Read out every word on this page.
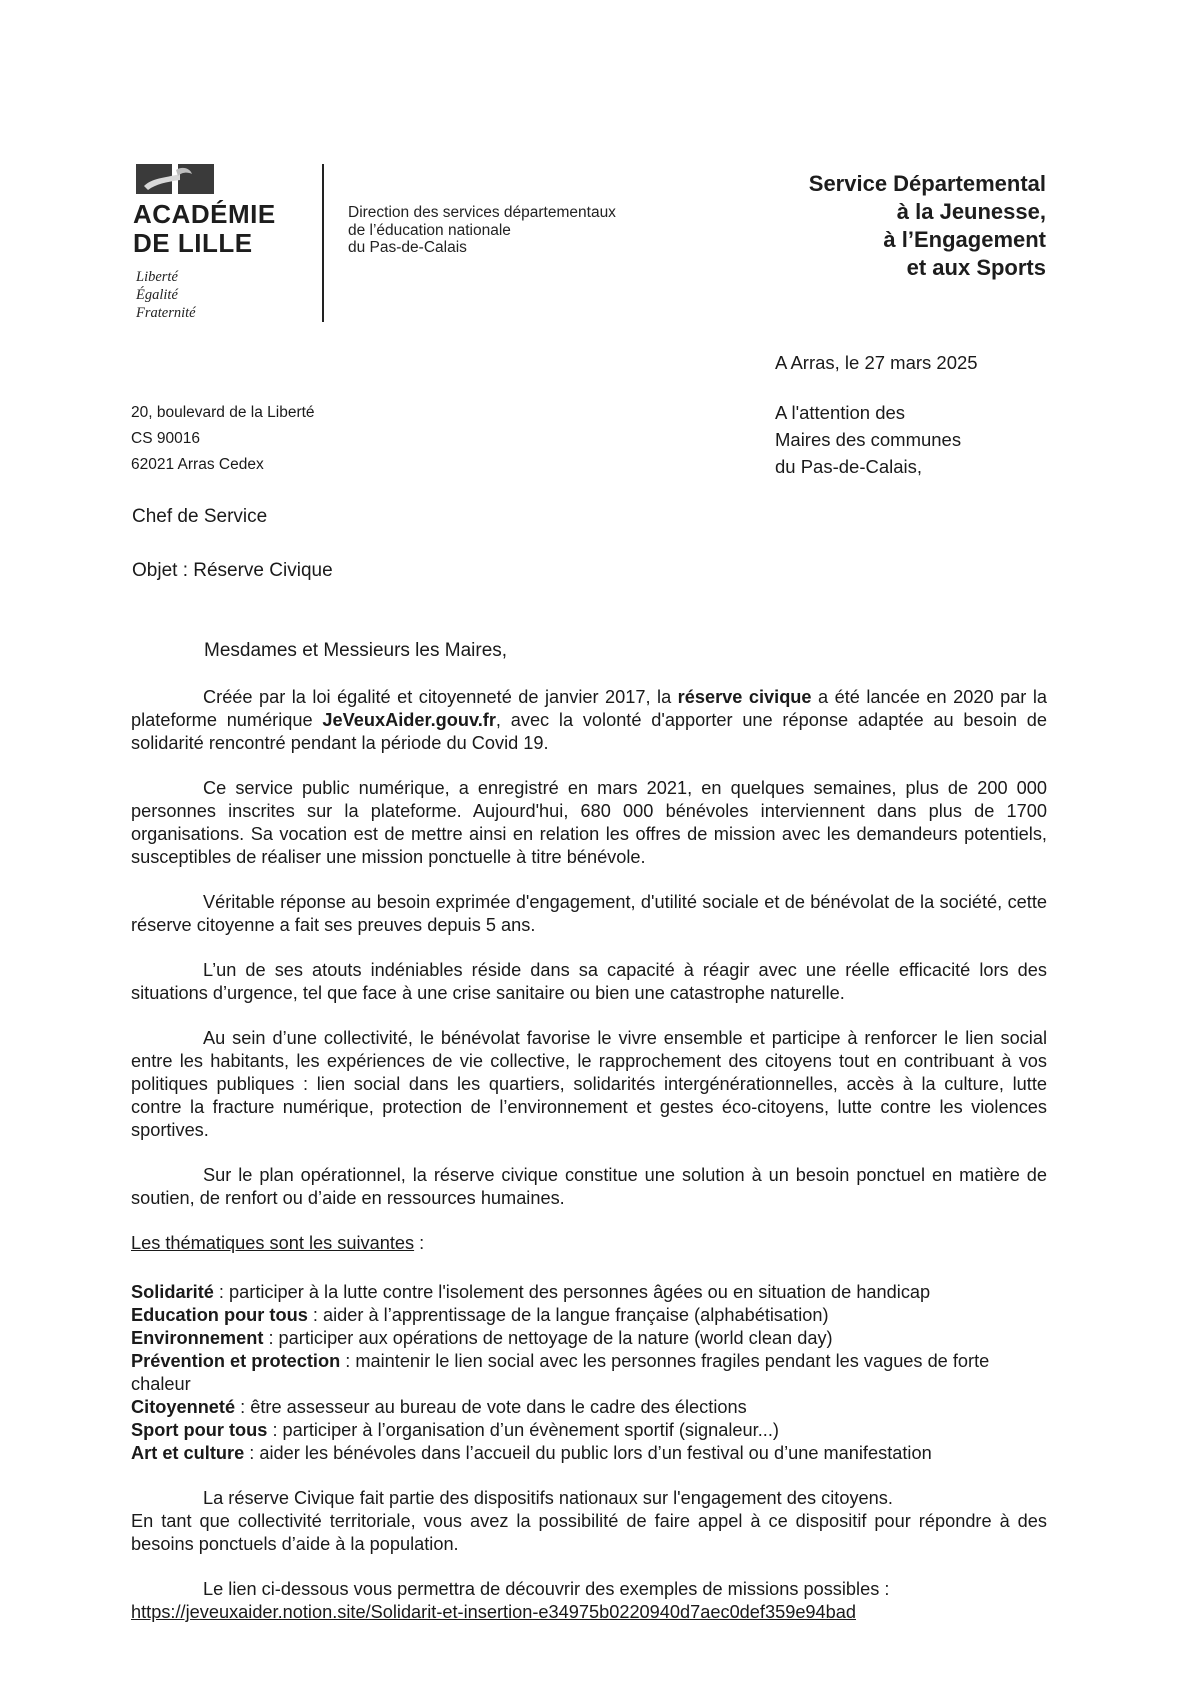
ACADÉMIE
DE LILLE
Liberté
Égalité
Fraternité
Direction des services départementaux
de l’éducation nationale
du Pas-de-Calais
Service Départemental
à la Jeunesse,
à l’Engagement
et aux Sports
A Arras, le 27 mars 2025
20, boulevard de la Liberté
CS 90016
62021 Arras Cedex
A l'attention des
Maires des communes
du Pas-de-Calais,
Chef de Service
Objet : Réserve Civique
Mesdames et Messieurs les Maires,

Créée par la loi égalité et citoyenneté de janvier 2017, la réserve civique a été lancée en 2020 par la plateforme numérique JeVeuxAider.gouv.fr, avec la volonté d'apporter une réponse adaptée au besoin de solidarité rencontré pendant la période du Covid 19.

Ce service public numérique, a enregistré en mars 2021, en quelques semaines, plus de 200 000 personnes inscrites sur la plateforme. Aujourd'hui, 680 000 bénévoles interviennent dans plus de 1700 organisations. Sa vocation est de mettre ainsi en relation les offres de mission avec les demandeurs potentiels, susceptibles de réaliser une mission ponctuelle à titre bénévole.

Véritable réponse au besoin exprimée d'engagement, d'utilité sociale et de bénévolat de la société, cette réserve citoyenne a fait ses preuves depuis 5 ans.

L’un de ses atouts indéniables réside dans sa capacité à réagir avec une réelle efficacité lors des situations d’urgence, tel que face à une crise sanitaire ou bien une catastrophe naturelle.

Au sein d’une collectivité, le bénévolat favorise le vivre ensemble et participe à renforcer le lien social entre les habitants, les expériences de vie collective, le rapprochement des citoyens tout en contribuant à vos politiques publiques : lien social dans les quartiers, solidarités intergénérationnelles, accès à la culture, lutte contre la fracture numérique, protection de l’environnement et gestes éco-citoyens, lutte contre les violences sportives.

Sur le plan opérationnel, la réserve civique constitue une solution à un besoin ponctuel en matière de soutien, de renfort ou d’aide en ressources humaines.

Les thématiques sont les suivantes :

Solidarité : participer à la lutte contre l'isolement des personnes âgées ou en situation de handicap
Education pour tous : aider à l’apprentissage de la langue française (alphabétisation)
Environnement : participer aux opérations de nettoyage de la nature (world clean day)
Prévention et protection : maintenir le lien social avec les personnes fragiles pendant les vagues de forte chaleur
Citoyenneté : être assesseur au bureau de vote dans le cadre des élections
Sport pour tous : participer à l’organisation d’un évènement sportif (signaleur...)
Art et culture : aider les bénévoles dans l’accueil du public lors d’un festival ou d’une manifestation

La réserve Civique fait partie des dispositifs nationaux sur l'engagement des citoyens.

En tant que collectivité territoriale, vous avez la possibilité de faire appel à ce dispositif pour répondre à des besoins ponctuels d’aide à la population.

Le lien ci-dessous vous permettra de découvrir des exemples de missions possibles :

https://jeveuxaider.notion.site/Solidarit-et-insertion-e34975b0220940d7aec0def359e94bad
